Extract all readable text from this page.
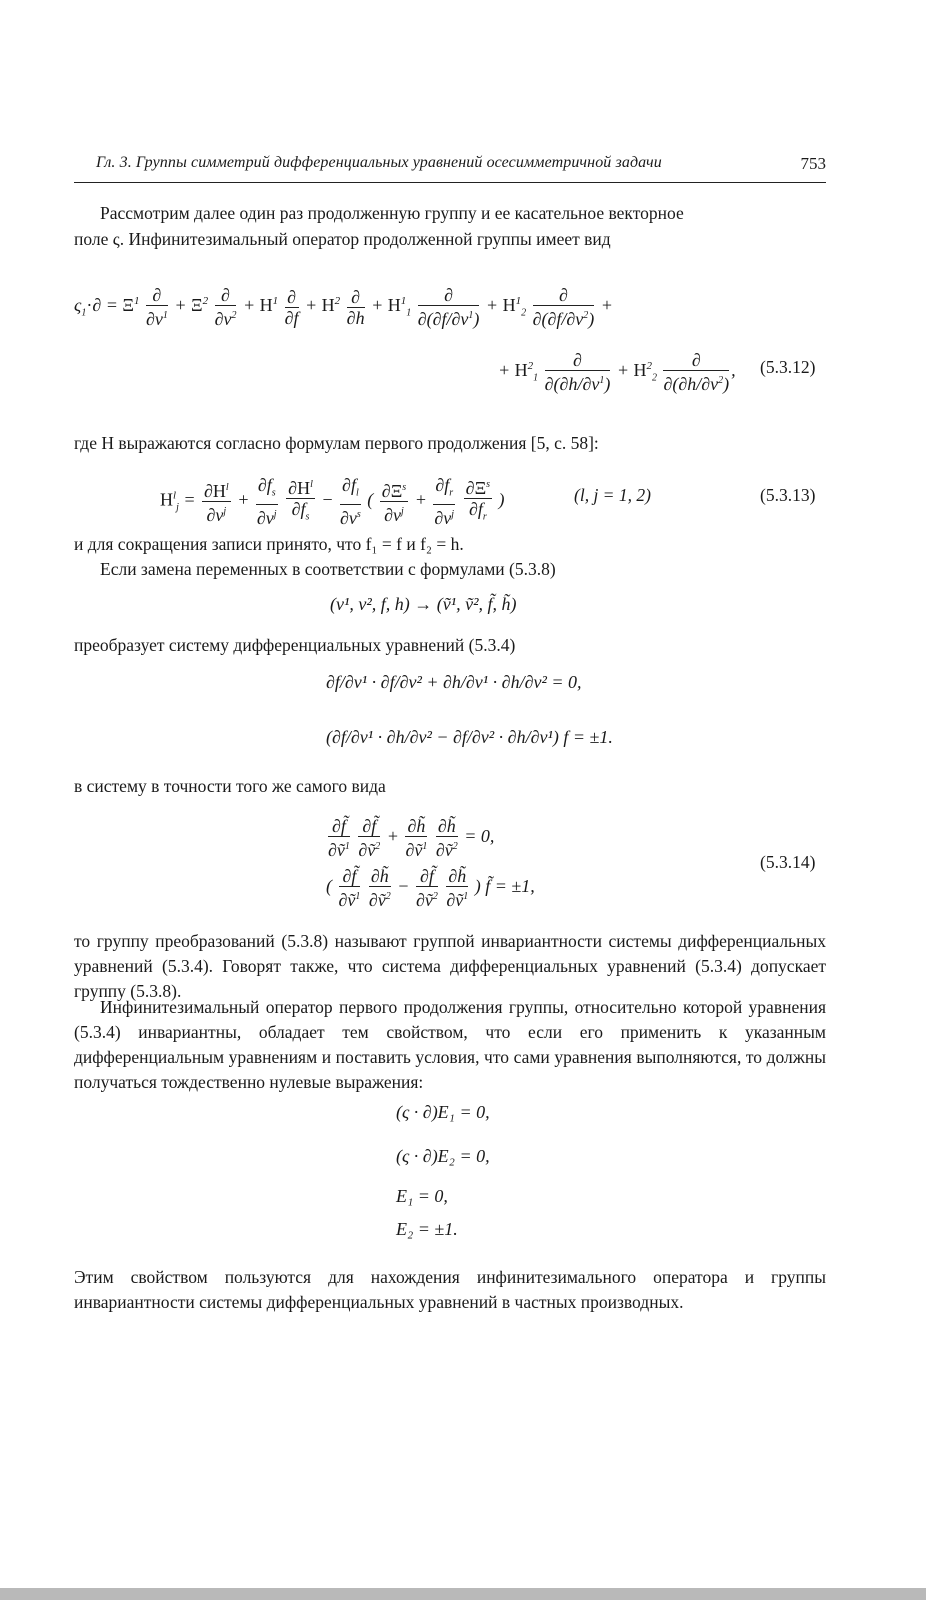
Гл. 3. Группы симметрий дифференциальных уравнений осесимметричной задачи	753
Рассмотрим далее один раз продолженную группу и ее касательное векторное
поле ς. Инфинитезимальный оператор продолженной группы имеет вид
$\varsigma_1\cdot\partial = \Xi^1 \frac{\partial}{\partial v^1} + \Xi^2 \frac{\partial}{\partial v^2} + H^1 \frac{\partial}{\partial f} + H^2 \frac{\partial}{\partial h} + H^1_1 \frac{\partial}{\partial(\partial f/\partial v^1)} + H^1_2 \frac{\partial}{\partial(\partial f/\partial v^2)}$ +
+ $H^2_1 \frac{\partial}{\partial(\partial h/\partial v^1)} + H^2_2 \frac{\partial}{\partial(\partial h/\partial v^2)}$ , (5.3.12)
где H выражаются согласно формулам первого продолжения [5, с. 58]:
$H^l_j = \frac{\partial H^l}{\partial v^j} + \frac{\partial f_s}{\partial v^j}$
$\frac{\partial H^l}{\partial f_s} - \frac{\partial f_l}{\partial v^s}$ ( $\frac{\partial\Xi^s}{\partial v^j} + \frac{\partial f_r}{\partial v^j}$
$\frac{\partial\Xi^s}{\partial f_r}$ )	(l, j = 1, 2)	(5.3.13)
и для сокращения записи принято, что f₁ = f и f₂ = h.
Если замена переменных в соответствии с формулами (5.3.8)
(v¹, v², f, h) → (ṽ¹, ṽ², f̃, h̃)
преобразует систему дифференциальных уравнений (5.3.4)
∂f/∂v¹ · ∂f/∂v² + ∂h/∂v¹ · ∂h/∂v² = 0,
(∂f/∂v¹ · ∂h/∂v² − ∂f/∂v² · ∂h/∂v¹) f = ±1.
в систему в точности того же самого вида
$\frac{\partial f̃}{\partial ṽ^1}$
$\frac{\partial f̃}{\partial ṽ^2} + \frac{\partial h̃}{\partial ṽ^1}$
$\frac{\partial h̃}{\partial ṽ^2} = 0$,
( $\frac{\partial f̃}{\partial ṽ^1}$
$\frac{\partial h̃}{\partial ṽ^2} - \frac{\partial f̃}{\partial ṽ^2}$
$\frac{\partial h̃}{\partial ṽ^1}$ ) f̃ = ±1,
(5.3.14)
то группу преобразований (5.3.8) называют группой инвариантности системы дифференциальных уравнений (5.3.4). Говорят также, что система дифференциальных уравнений (5.3.4) допускает группу (5.3.8).
Инфинитезимальный оператор первого продолжения группы, относительно которой уравнения (5.3.4) инвариантны, обладает тем свойством, что если его применить к указанным дифференциальным уравнениям и поставить условия, что сами уравнения выполняются, то должны получаться тождественно нулевые выражения:
(ς · ∂)E₁ = 0,
(ς · ∂)E₂ = 0,
E₁ = 0,
E₂ = ±1.
Этим свойством пользуются для нахождения инфинитезимального оператора и группы инвариантности системы дифференциальных уравнений в частных производных.
